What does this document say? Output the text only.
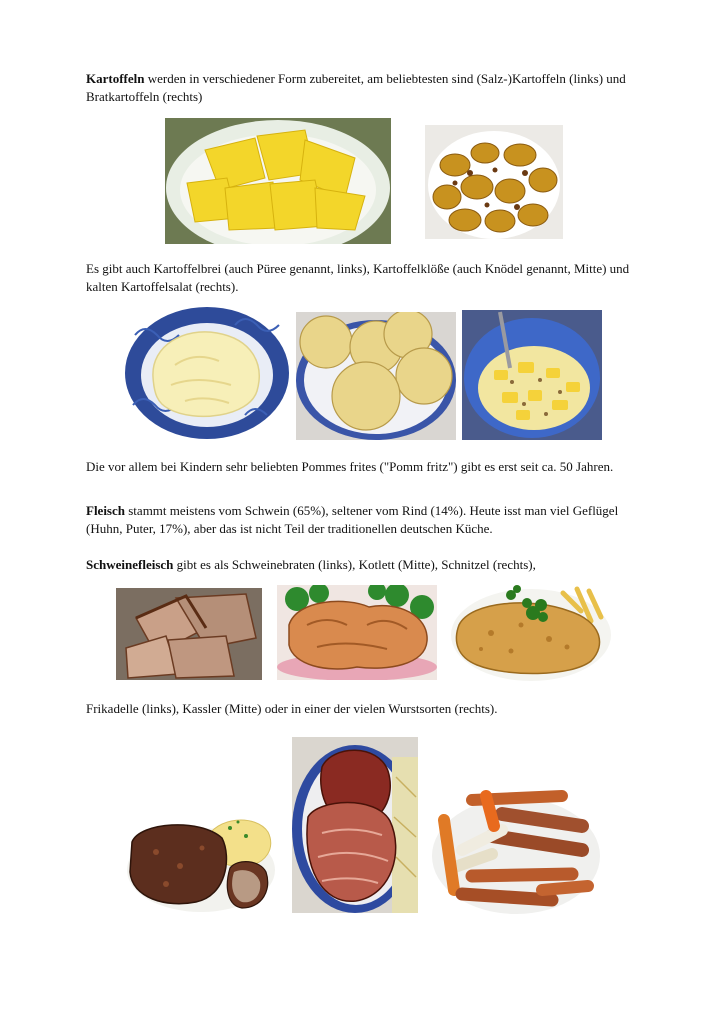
Kartoffeln werden in verschiedener Form zubereitet, am beliebtesten sind (Salz-)Kartoffeln (links) und Bratkartoffeln (rechts)
Es gibt auch Kartoffelbrei (auch Püree genannt, links), Kartoffelklöße (auch Knödel genannt, Mitte) und kalten Kartoffelsalat (rechts).
Die vor allem bei Kindern sehr beliebten Pommes frites ("Pomm fritz") gibt es erst seit ca. 50 Jahren.
Fleisch stammt meistens vom Schwein (65%), seltener vom Rind (14%). Heute isst man viel Geflügel (Huhn, Puter, 17%), aber das ist nicht Teil der traditionellen deutschen Küche.
Schweinefleisch gibt es als Schweinebraten (links), Kotlett (Mitte), Schnitzel (rechts),
Frikadelle (links), Kassler (Mitte) oder in einer der vielen Wurstsorten (rechts).
